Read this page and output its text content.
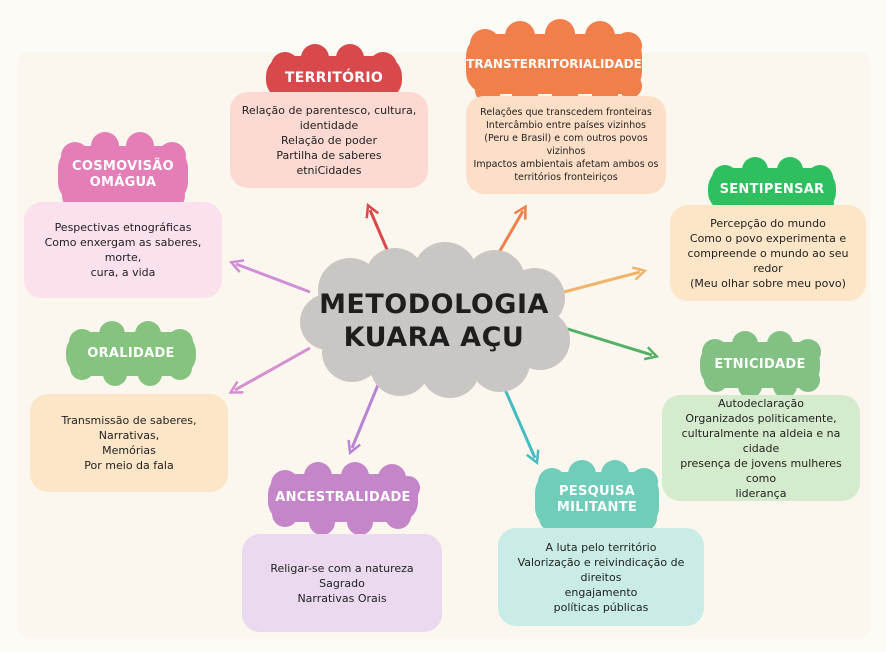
METODOLOGIA
KUARA AÇU
TERRITÓRIO
Relação de parentesco, cultura,
identidade
Relação de poder
Partilha de saberes
etniCidades
TRANSTERRITORIALIDADE
Relações que transcedem fronteiras
Intercâmbio entre países vizinhos
(Peru e Brasil) e com outros povos
vizinhos
Impactos ambientais afetam ambos os
territórios fronteiriços
SENTIPENSAR
Percepção do mundo
Como o povo experimenta e
compreende o mundo ao seu redor
(Meu olhar sobre meu povo)
ETNICIDADE
Autodeclaração
Organizados politicamente,
culturalmente na aldeia e na
cidade
presença de jovens mulheres como
liderança
PESQUISA
MILITANTE
A luta pelo território
Valorização e reivindicação de
direitos
engajamento
políticas públicas
ANCESTRALIDADE
Religar-se com a natureza
Sagrado
Narrativas Orais
ORALIDADE
Transmissão de saberes,
Narrativas,
Memórias
Por meio da fala
COSMOVISÃO
OMÁGUA
Pespectivas etnográficas
Como enxergam as saberes, morte,
cura, a vida
